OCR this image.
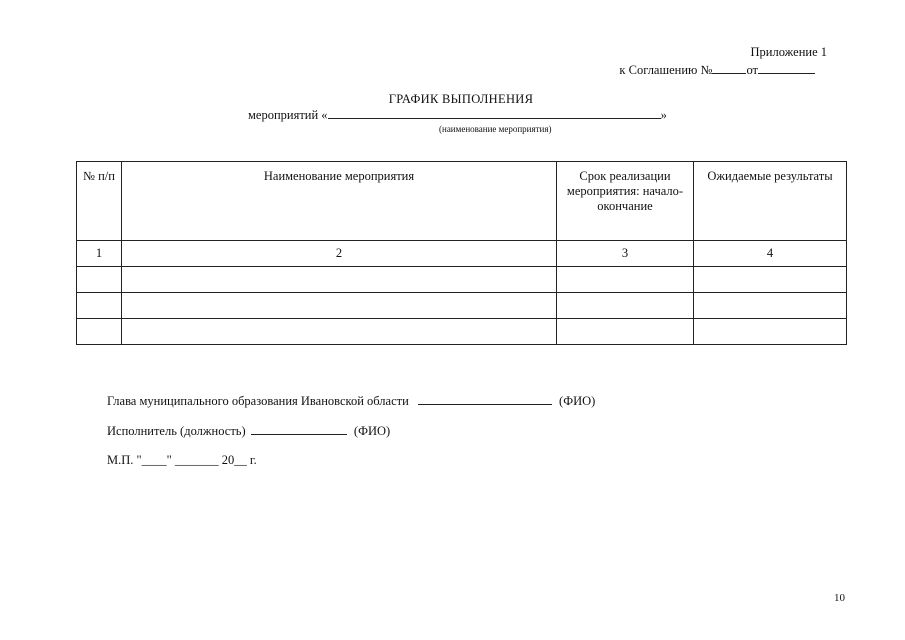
Приложение 1
к Соглашению №	от
ГРАФИК ВЫПОЛНЕНИЯ
мероприятий «	»
(наименование мероприятия)
№ п/п	Наименование мероприятия	Срок реализации мероприятия: начало-окончание	Ожидаемые результаты
1	2	3	4

Глава муниципального образования Ивановской области	(ФИО)
Исполнитель (должность)	(ФИО)
М.П. "____" _______ 20__ г.
10
